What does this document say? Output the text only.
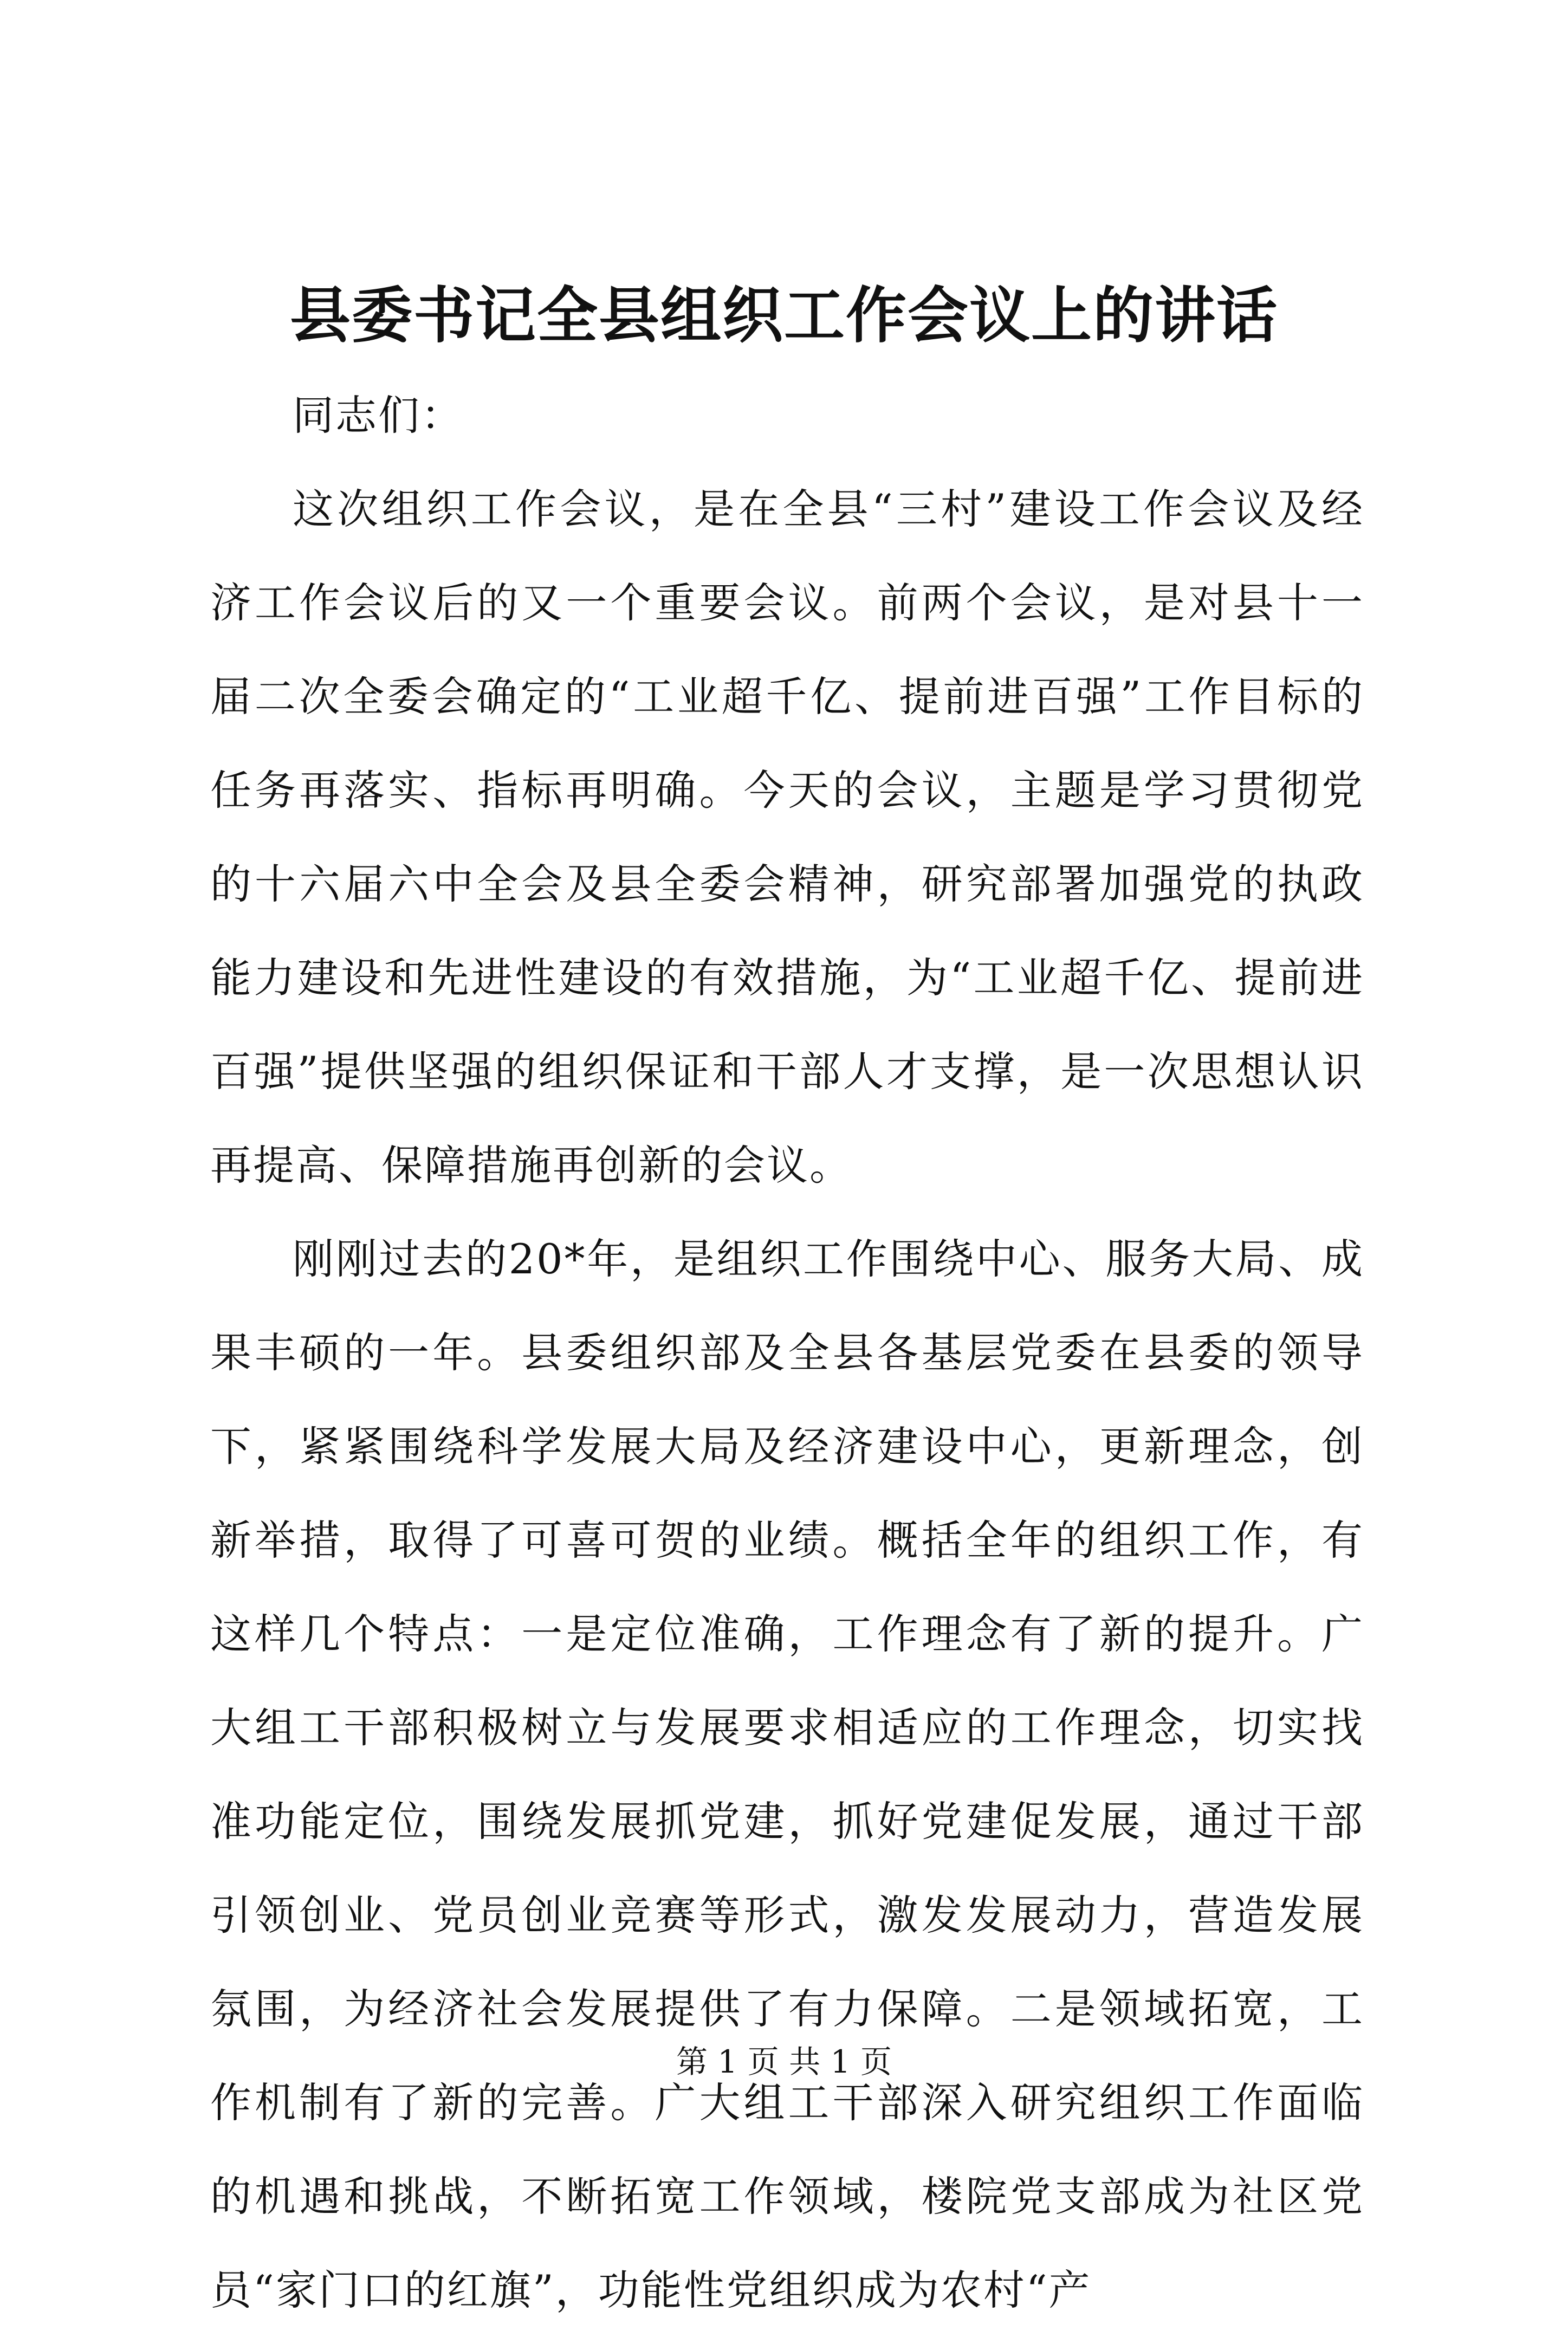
县委书记全县组织工作会议上的讲话

同志们：

这次组织工作会议，是在全县“三村”建设工作会议及经济工作会议后的又一个重要会议。前两个会议，是对县十一届二次全委会确定的“工业超千亿、提前进百强”工作目标的任务再落实、指标再明确。今天的会议，主题是学习贯彻党的十六届六中全会及县全委会精神，研究部署加强党的执政能力建设和先进性建设的有效措施，为“工业超千亿、提前进百强”提供坚强的组织保证和干部人才支撑，是一次思想认识再提高、保障措施再创新的会议。

刚刚过去的20*年，是组织工作围绕中心、服务大局、成果丰硕的一年。县委组织部及全县各基层党委在县委的领导下，紧紧围绕科学发展大局及经济建设中心，更新理念，创新举措，取得了可喜可贺的业绩。概括全年的组织工作，有这样几个特点：一是定位准确，工作理念有了新的提升。广大组工干部积极树立与发展要求相适应的工作理念，切实找准功能定位，围绕发展抓党建，抓好党建促发展，通过干部引领创业、党员创业竞赛等形式，激发发展动力，营造发展氛围，为经济社会发展提供了有力保障。二是领域拓宽，工作机制有了新的完善。广大组工干部深入研究组织工作面临的机遇和挑战，不断拓宽工作领域，楼院党支部成为社区党员“家门口的红旗”，功能性党组织成为农村“产

第 1 页 共 1 页
